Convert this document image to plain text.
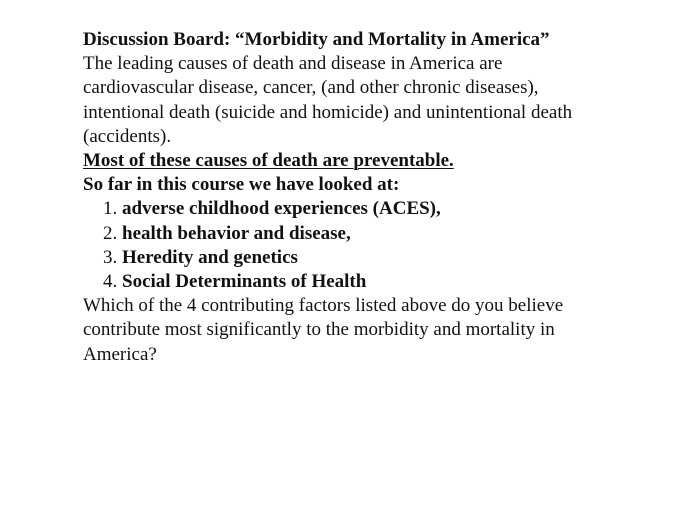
Discussion Board: “Morbidity and Mortality in America”
The leading causes of death and disease in America are
cardiovascular disease, cancer, (and other chronic diseases),
intentional death (suicide and homicide) and unintentional death
(accidents).
Most of these causes of death are preventable.
So far in this course we have looked at:
1. adverse childhood experiences (ACES),
2. health behavior and disease,
3. Heredity and genetics
4. Social Determinants of Health
Which of the 4 contributing factors listed above do you believe
contribute most significantly to the morbidity and mortality in
America?
